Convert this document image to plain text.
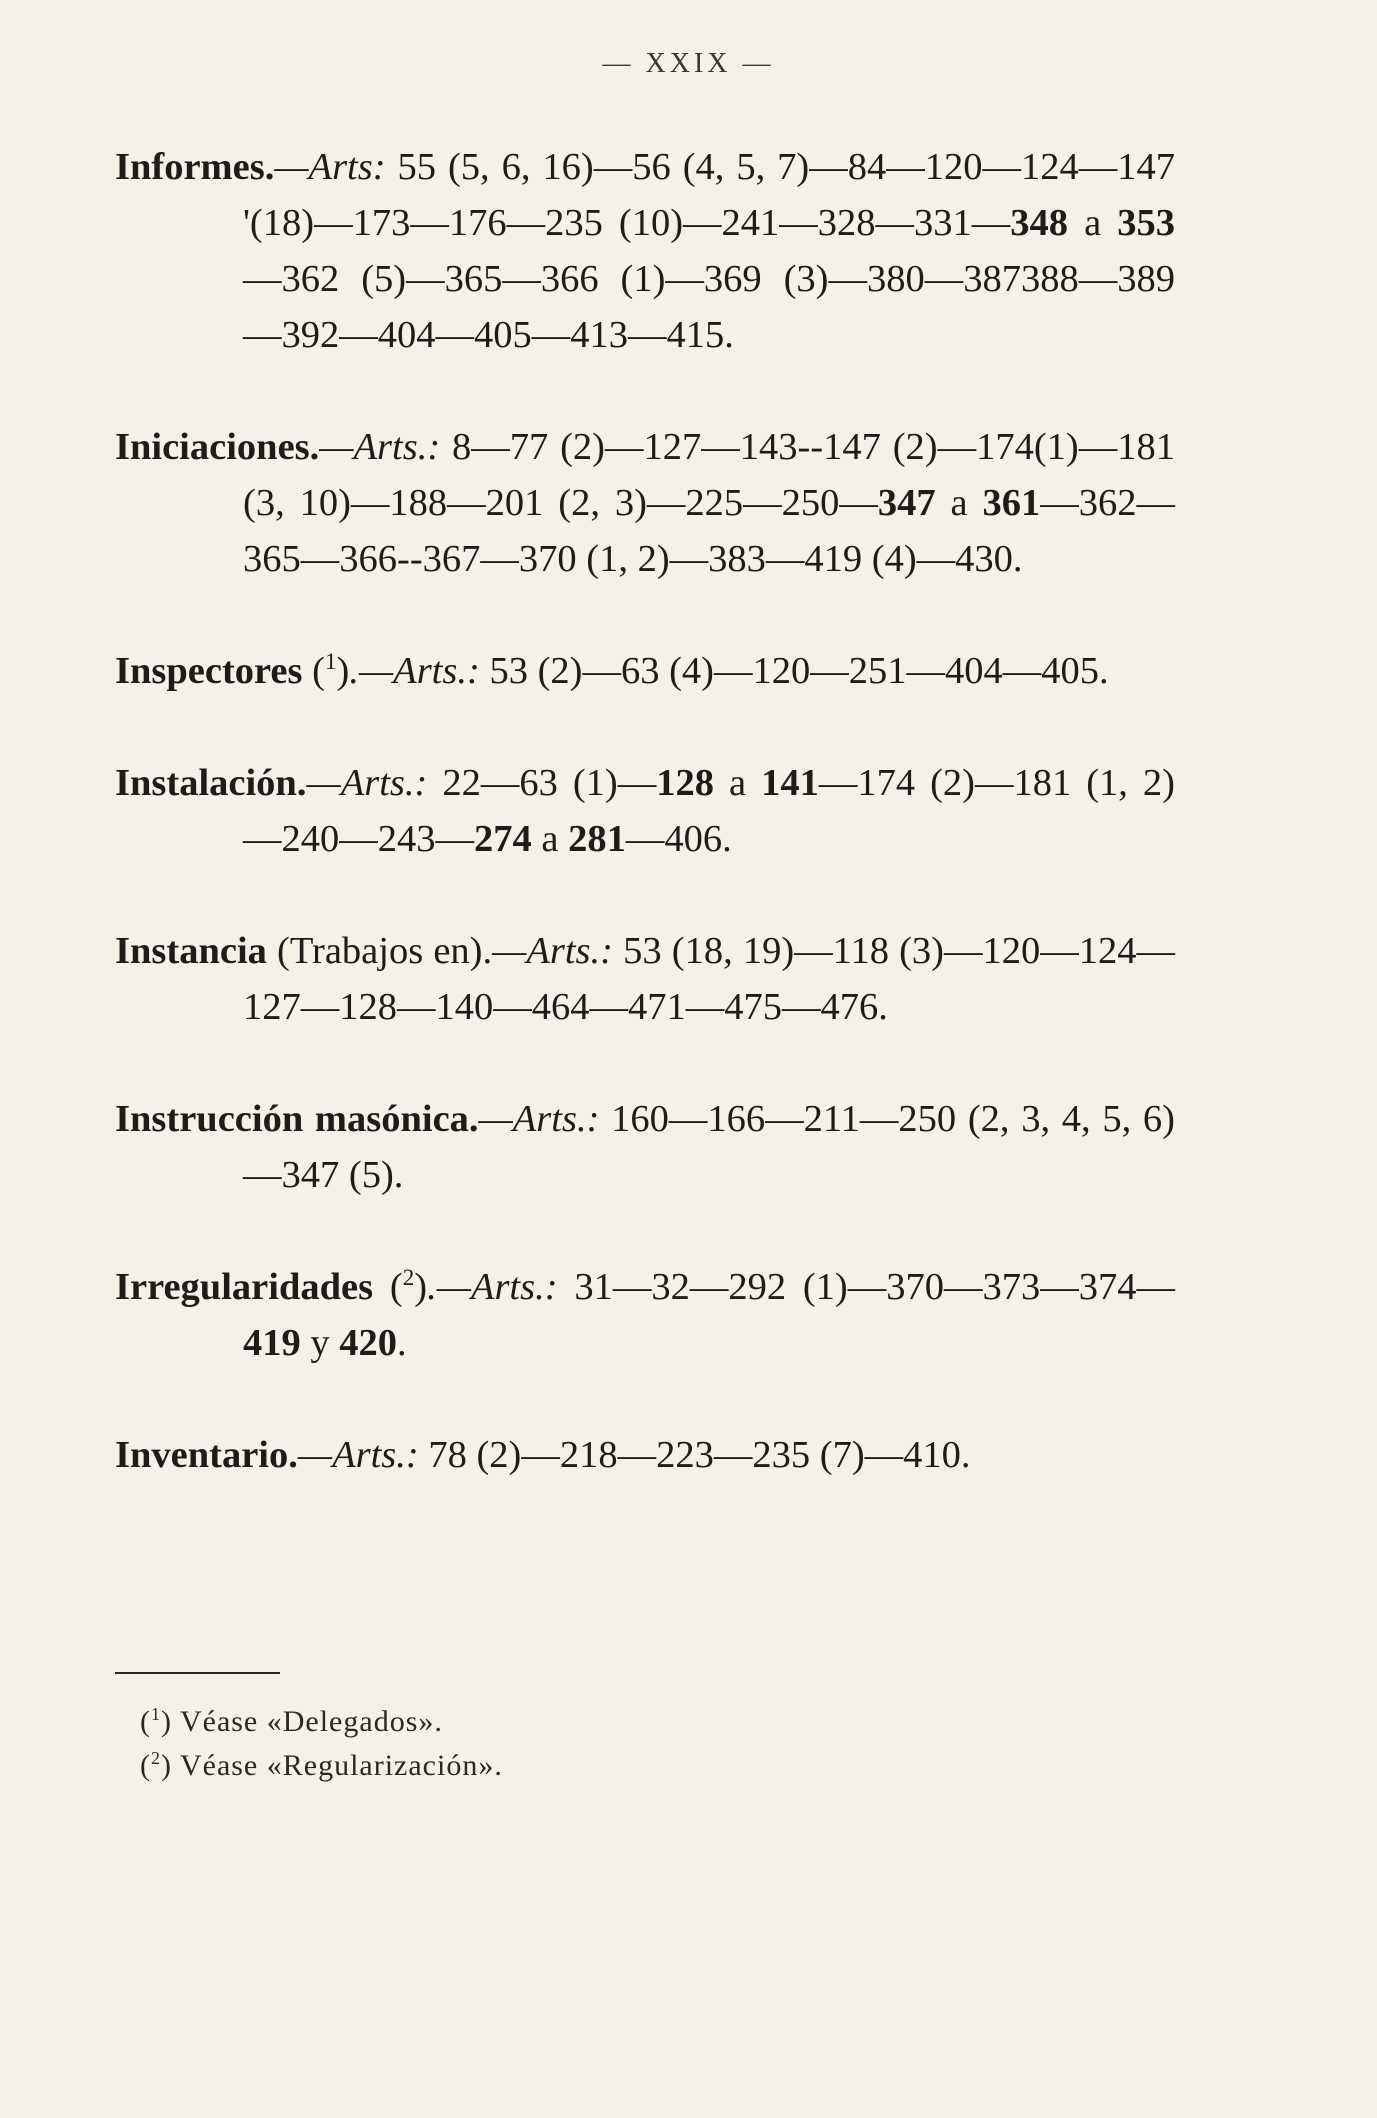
— XXIX —

Informes.—Arts: 55 (5, 6, 16)—56 (4, 5, 7)—84—120—124—147 '(18)—173—176—235 (10)—241—328—331—348 a 353—362 (5)—365—366 (1)—369 (3)—380—387388—389—392—404—405—413—415.

Iniciaciones.—Arts.: 8—77 (2)—127—143--147 (2)—174(1)—181 (3, 10)—188—201 (2, 3)—225—250—347 a 361—362—365—366--367—370 (1, 2)—383—419 (4)—430.

Inspectores ($^1$).—Arts.: 53 (2)—63 (4)—120—251—404—405.

Instalación.—Arts.: 22—63 (1)—128 a 141—174 (2)—181 (1, 2)—240—243—274 a 281—406.

Instancia (Trabajos en).—Arts.: 53 (18, 19)—118 (3)—120—124—127—128—140—464—471—475—476.

Instrucción masónica.—Arts.: 160—166—211—250 (2, 3, 4, 5, 6)—347 (5).

Irregularidades ($^2$).—Arts.: 31—32—292 (1)—370—373—374—419 y 420.

Inventario.—Arts.: 78 (2)—218—223—235 (7)—410.

($^1$) Véase «Delegados».
($^2$) Véase «Regularización».
